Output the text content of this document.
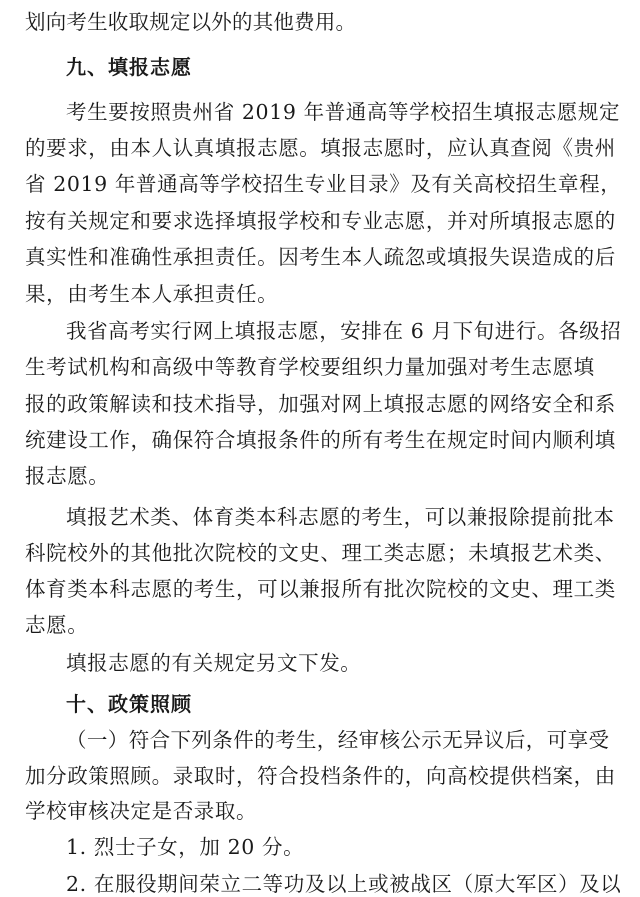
划向考生收取规定以外的其他费用。
九、填报志愿
考生要按照贵州省 2019 年普通高等学校招生填报志愿规定
的要求，由本人认真填报志愿。填报志愿时，应认真查阅《贵州
省 2019 年普通高等学校招生专业目录》及有关高校招生章程，
按有关规定和要求选择填报学校和专业志愿，并对所填报志愿的
真实性和准确性承担责任。因考生本人疏忽或填报失误造成的后
果，由考生本人承担责任。
我省高考实行网上填报志愿，安排在 6 月下旬进行。各级招
生考试机构和高级中等教育学校要组织力量加强对考生志愿填
报的政策解读和技术指导，加强对网上填报志愿的网络安全和系
统建设工作，确保符合填报条件的所有考生在规定时间内顺利填
报志愿。
填报艺术类、体育类本科志愿的考生，可以兼报除提前批本
科院校外的其他批次院校的文史、理工类志愿；未填报艺术类、
体育类本科志愿的考生，可以兼报所有批次院校的文史、理工类
志愿。
填报志愿的有关规定另文下发。
十、政策照顾
（一）符合下列条件的考生，经审核公示无异议后，可享受
加分政策照顾。录取时，符合投档条件的，向高校提供档案，由
学校审核决定是否录取。
1. 烈士子女，加 20 分。
2. 在服役期间荣立二等功及以上或被战区（原大军区）及以
